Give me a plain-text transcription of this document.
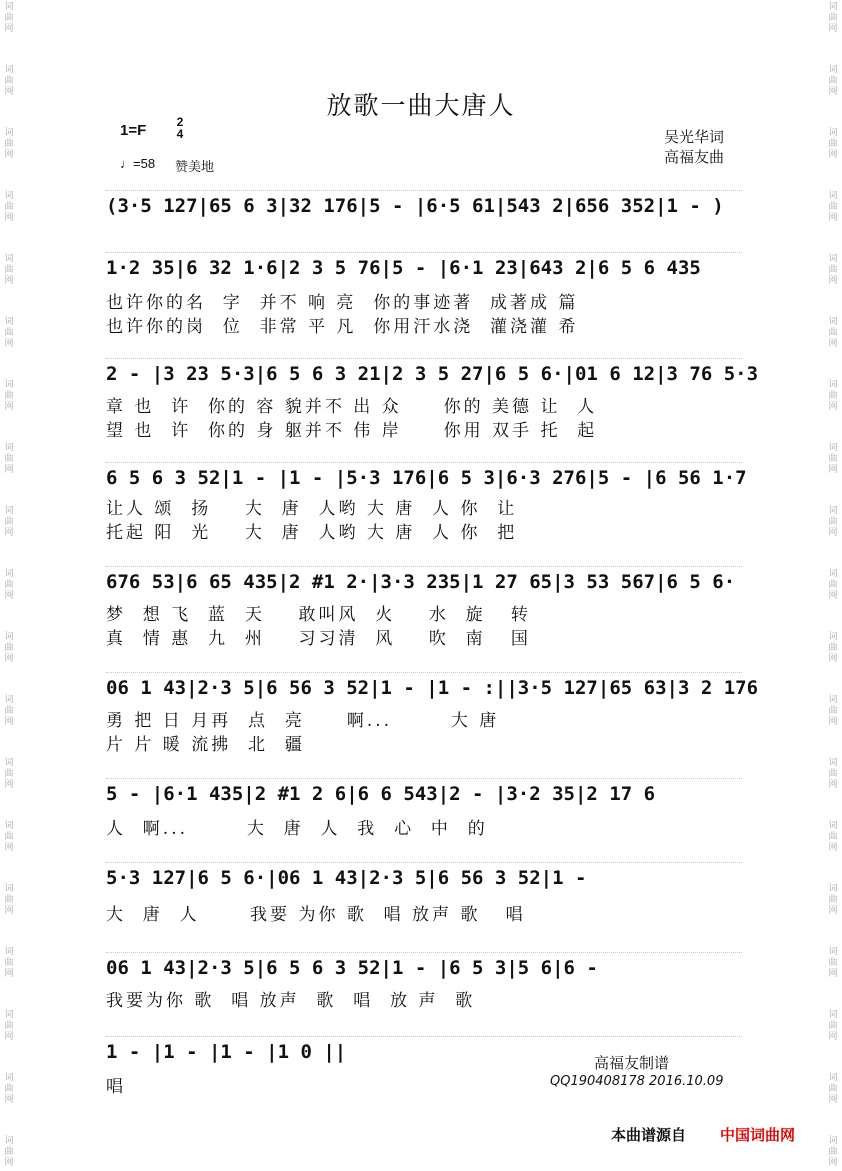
词
曲
网
词
曲
网
词
曲
网
词
曲
网
词
曲
网
词
曲
网
词
曲
网
词
曲
网
词
曲
网
词
曲
网
词
曲
网
词
曲
网
词
曲
网
词
曲
网
词
曲
网
词
曲
网
词
曲
网
词
曲
网
词
曲
网
词
曲
网
词
曲
网
词
曲
网
词
曲
网
词
曲
网
词
曲
网
词
曲
网
词
曲
网
词
曲
网
词
曲
网
词
曲
网
词
曲
网
词
曲
网
词
曲
网
词
曲
网
词
曲
网
词
曲
网
词
曲
网
词
曲
网
放歌一曲大唐人
1=F	2
4
♩=58 赞美地
吴光华词
高福友曲
(3·5 127|65 6 3|32 176|5 - |6·5 61|543 2|656 352|1 - )
1·2 35|6 32 1·6|2 3 5 76|5 - |6·1 23|643 2|6 5 6 435
也许你的名  字  并不 响 亮  你的事迹著  成著成 篇
也许你的岗  位  非常 平 凡  你用汗水浇  灌浇灌 希
2 - |3 23 5·3|6 5 6 3 21|2 3 5 27|6 5 6·|01 6 12|3 76 5·3
章 也  许  你的 容 貌并不 出 众     你的 美德 让  人
望 也  许  你的 身 躯并不 伟 岸     你用 双手 托  起
6 5 6 3 52|1 - |1 - |5·3 176|6 5 3|6·3 276|5 - |6 56 1·7
让人 颂  扬    大  唐  人哟 大 唐  人 你  让
托起 阳  光    大  唐  人哟 大 唐  人 你  把
676 53|6 65 435|2 #1 2·|3·3 235|1 27 65|3 53 567|6 5 6·
梦  想 飞  蓝  天    敢叫风  火    水  旋   转
真  情 惠  九  州    习习清  风    吹  南   国
06 1 43|2·3 5|6 56 3 52|1 - |1 - :||3·5 127|65 63|3 2 176
勇 把 日 月再  点  亮     啊...       大 唐
片 片 暖 流拂  北  疆
5 - |6·1 435|2 #1 2 6|6 6 543|2 - |3·2 35|2 17 6
人  啊...       大  唐  人  我  心  中  的
5·3 127|6 5 6·|06 1 43|2·3 5|6 56 3 52|1 -
大  唐  人      我要 为你 歌  唱 放声 歌   唱
06 1 43|2·3 5|6 5 6 3 52|1 - |6 5 3|5 6|6 -
我要为你 歌  唱 放声  歌  唱  放 声  歌
1 - |1 - |1 - |1 0 ||
唱
高福友制谱
QQ190408178 2016.10.09
本曲谱源自 中国词曲网
